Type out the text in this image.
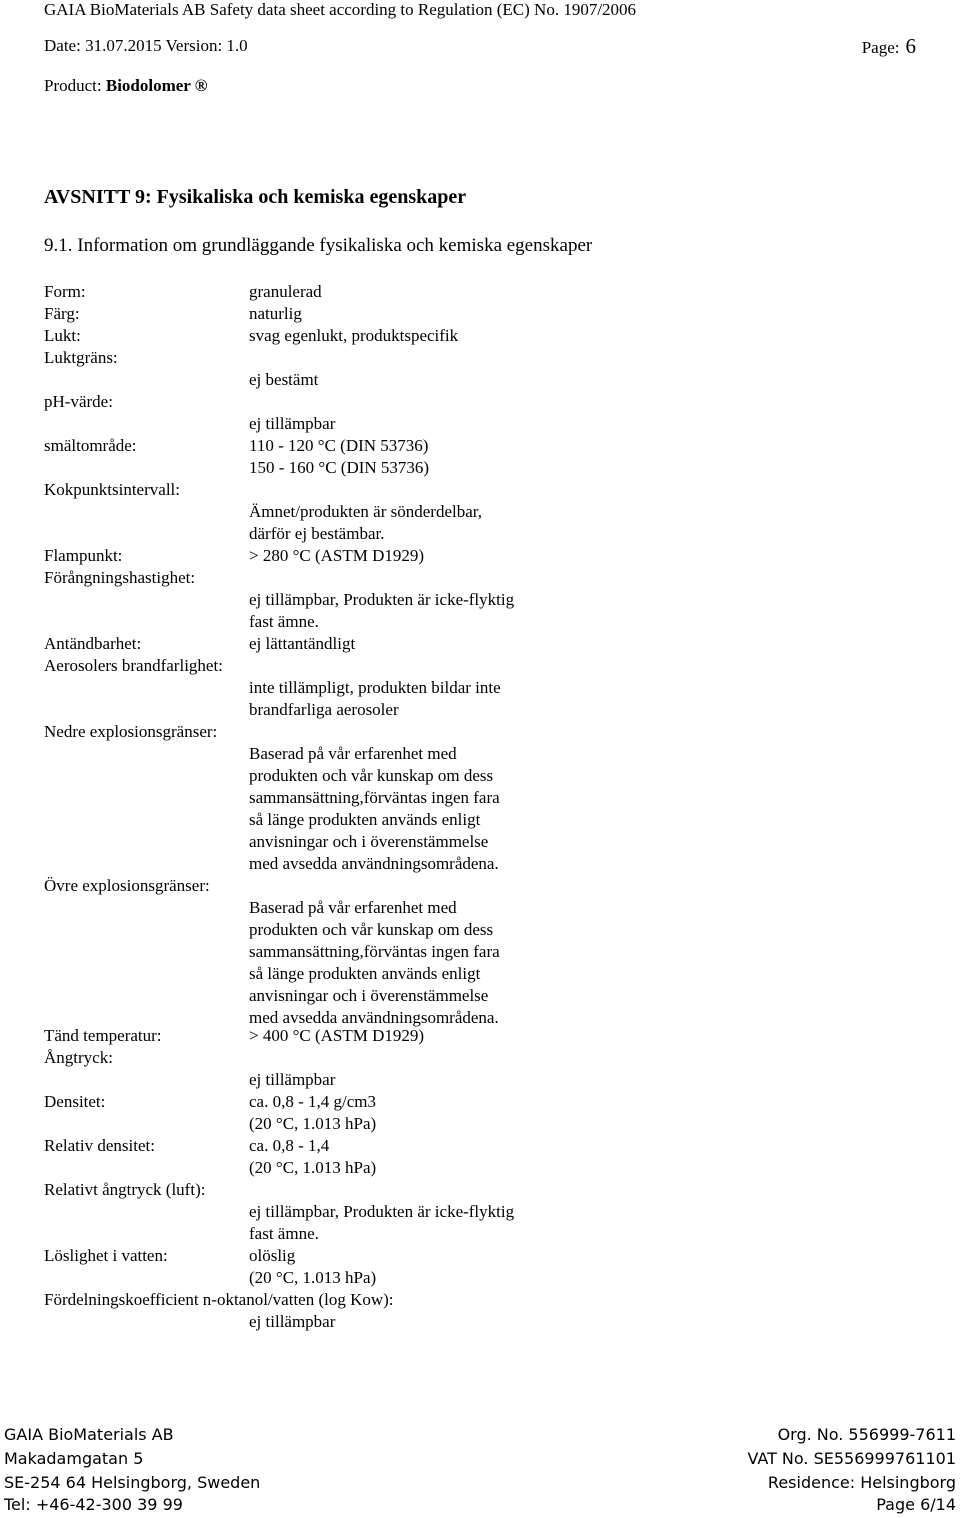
GAIA BioMaterials AB Safety data sheet according to Regulation (EC) No. 1907/2006
Date: 31.07.2015 Version: 1.0	Page: 6
Product: Biodolomer ®
AVSNITT 9: Fysikaliska och kemiska egenskaper
9.1. Information om grundläggande fysikaliska och kemiska egenskaper
Form:	granulerad
Färg:	naturlig
Lukt:	svag egenlukt, produktspecifik
Luktgräns:
ej bestämt
pH-värde:
ej tillämpbar
smältområde:	110 - 120 °C (DIN 53736)
150 - 160 °C (DIN 53736)
Kokpunktsintervall:
Ämnet/produkten är sönderdelbar,
därför ej bestämbar.
Flampunkt:	> 280 °C (ASTM D1929)
Förångningshastighet:
ej tillämpbar, Produkten är icke-flyktig
fast ämne.
Antändbarhet:	ej lättantändligt
Aerosolers brandfarlighet:
inte tillämpligt, produkten bildar inte
brandfarliga aerosoler
Nedre explosionsgränser:
Baserad på vår erfarenhet med
produkten och vår kunskap om dess
sammansättning,förväntas ingen fara
så länge produkten används enligt
anvisningar och i överenstämmelse
med avsedda användningsområdena.
Övre explosionsgränser:
Baserad på vår erfarenhet med
produkten och vår kunskap om dess
sammansättning,förväntas ingen fara
så länge produkten används enligt
anvisningar och i överenstämmelse
med avsedda användningsområdena.
Tänd temperatur:	> 400 °C (ASTM D1929)
Ångtryck:
ej tillämpbar
Densitet:	ca. 0,8 - 1,4 g/cm3
(20 °C, 1.013 hPa)
Relativ densitet:	ca. 0,8 - 1,4
(20 °C, 1.013 hPa)
Relativt ångtryck (luft):
ej tillämpbar, Produkten är icke-flyktig
fast ämne.
Löslighet i vatten:	olöslig
(20 °C, 1.013 hPa)
Fördelningskoefficient n-oktanol/vatten (log Kow):
ej tillämpbar
GAIA BioMaterials AB
Makadamgatan 5
SE-254 64 Helsingborg, Sweden
Tel: +46-42-300 39 99
Org. No. 556999-7611
VAT No. SE556999761101
Residence: Helsingborg
Page 6/14
